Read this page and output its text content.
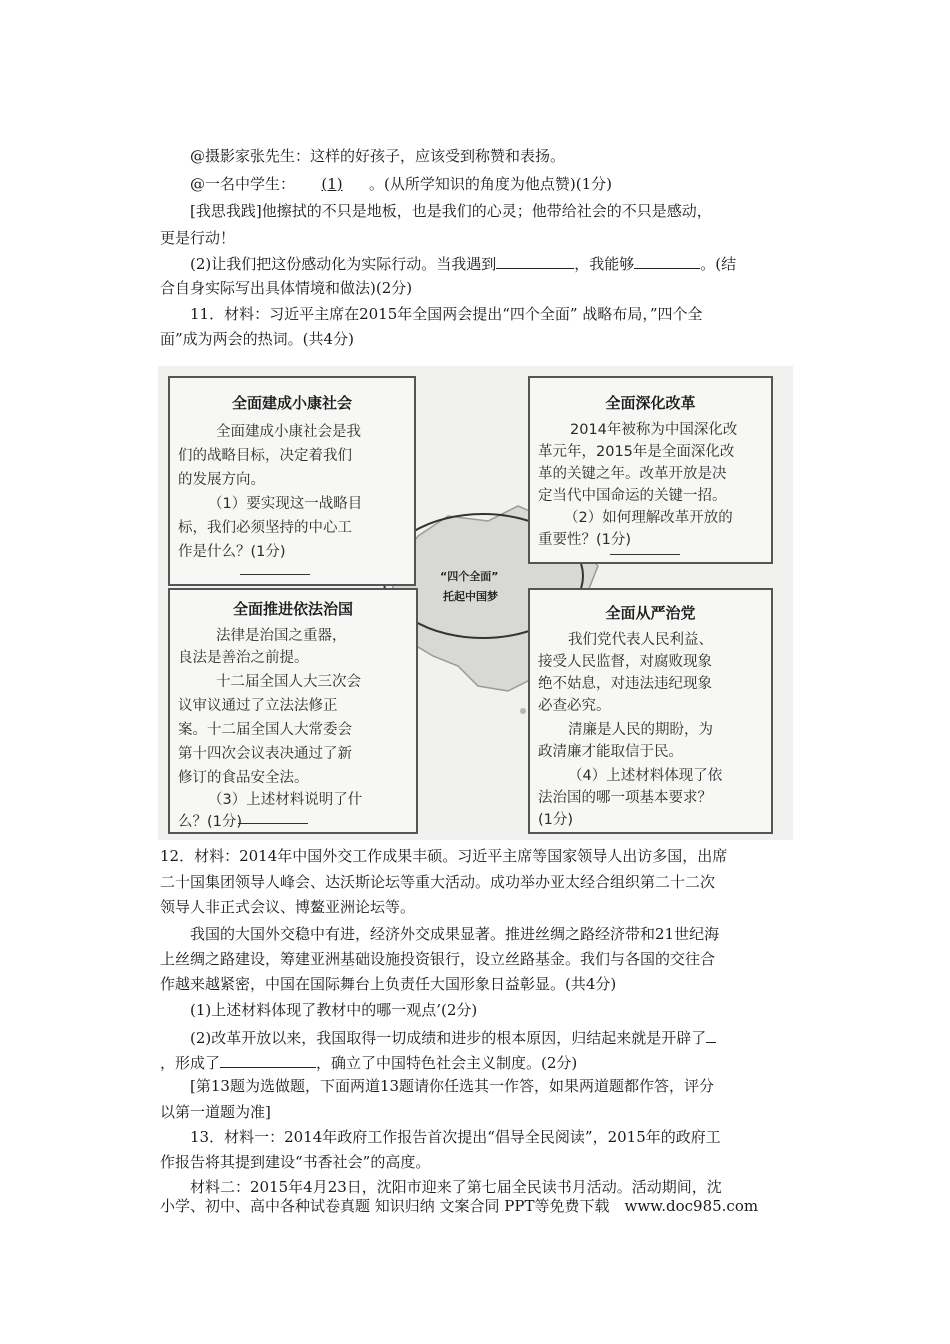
@摄影家张先生：这样的好孩子，应该受到称赞和表扬。
@一名中学生： (1) 。(从所学知识的角度为他点赞)(1分)
[我思我践]他擦拭的不只是地板，也是我们的心灵；他带给社会的不只是感动，
更是行动！
(2)让我们把这份感动化为实际行动。当我遇到	，我能够	。(结
合自身实际写出具体情境和做法)(2分)
11．材料：习近平主席在2015年全国两会提出“四个全面” 战略布局，”四个全
面”成为两会的热词。(共4分)
“四个全面”
托起中国梦
全面建成小康社会
全面建成小康社会是我
们的战略目标，决定着我们
的发展方向。
（1）要实现这一战略目
标，我们必须坚持的中心工
作是什么？(1分)
全面深化改革
2014年被称为中国深化改
革元年，2015年是全面深化改
革的关键之年。改革开放是决
定当代中国命运的关键一招。
（2）如何理解改革开放的
重要性？(1分)
全面推进依法治国
法律是治国之重器，
良法是善治之前提。
十二届全国人大三次会
议审议通过了立法法修正
案。十二届全国人大常委会
第十四次会议表决通过了新
修订的食品安全法。
（3）上述材料说明了什
么？(1分)
全面从严治党
我们党代表人民利益、
接受人民监督，对腐败现象
绝不姑息，对违法违纪现象
必查必究。
清廉是人民的期盼，为
政清廉才能取信于民。
（4）上述材料体现了依
法治国的哪一项基本要求？
(1分)
12．材料：2014年中国外交工作成果丰硕。习近平主席等国家领导人出访多国，出席
二十国集团领导人峰会、达沃斯论坛等重大活动。成功举办亚太经合组织第二十二次
领导人非正式会议、博鳌亚洲论坛等。
我国的大国外交稳中有进，经济外交成果显著。推进丝绸之路经济带和21世纪海
上丝绸之路建设，筹建亚洲基础设施投资银行，设立丝路基金。我们与各国的交往合
作越来越紧密，中国在国际舞台上负责任大国形象日益彰显。(共4分)
(1)上述材料体现了教材中的哪一观点’(2分)
(2)改革开放以来，我国取得一切成绩和进步的根本原因，归结起来就是开辟了
，形成了	，确立了中国特色社会主义制度。(2分)
[第13题为选做题，下面两道13题请你任选其一作答，如果两道题都作答，评分
以第一道题为准]
13．材料一：2014年政府工作报告首次提出“倡导全民阅读”，2015年的政府工
作报告将其提到建设“书香社会”的高度。
材料二：2015年4月23日，沈阳市迎来了第七届全民读书月活动。活动期间，沈
小学、初中、高中各种试卷真题 知识归纳 文案合同 PPT等免费下载　www.doc985.com
